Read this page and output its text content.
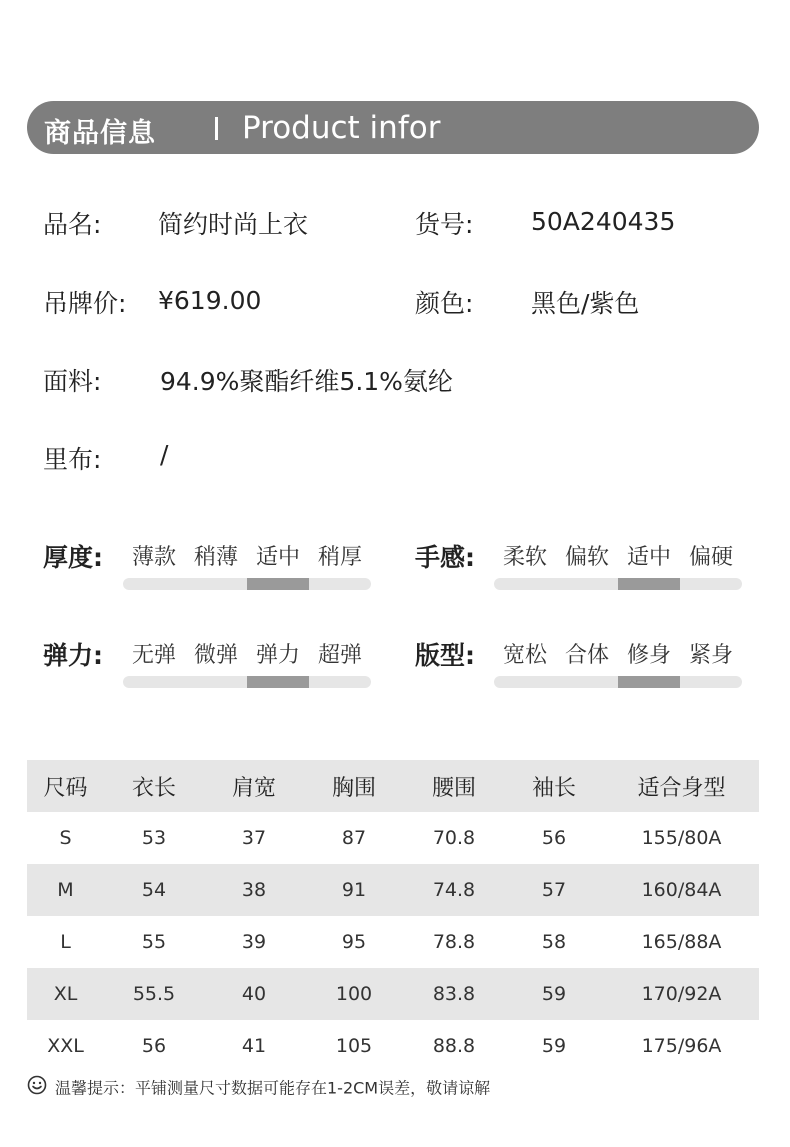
商品信息	Product infor
品名: 简约时尚上衣	货号: 50A240435
吊牌价: ¥619.00	颜色: 黑色/紫色
面料: 94.9%聚酯纤维5.1%氨纶
里布: /
厚度:	薄款 稍薄 适中 稍厚	手感:	柔软 偏软 适中 偏硬
弹力:	无弹 微弹 弹力 超弹	版型:	宽松 合体 修身 紧身
尺码	衣长	肩宽	胸围	腰围	袖长	适合身型
S	53	37	87	70.8	56	155/80A
M	54	38	91	74.8	57	160/84A
L	55	39	95	78.8	58	165/88A
XL	55.5	40	100	83.8	59	170/92A
XXL	56	41	105	88.8	59	175/96A
温馨提示：平铺测量尺寸数据可能存在1-2CM误差，敬请谅解
